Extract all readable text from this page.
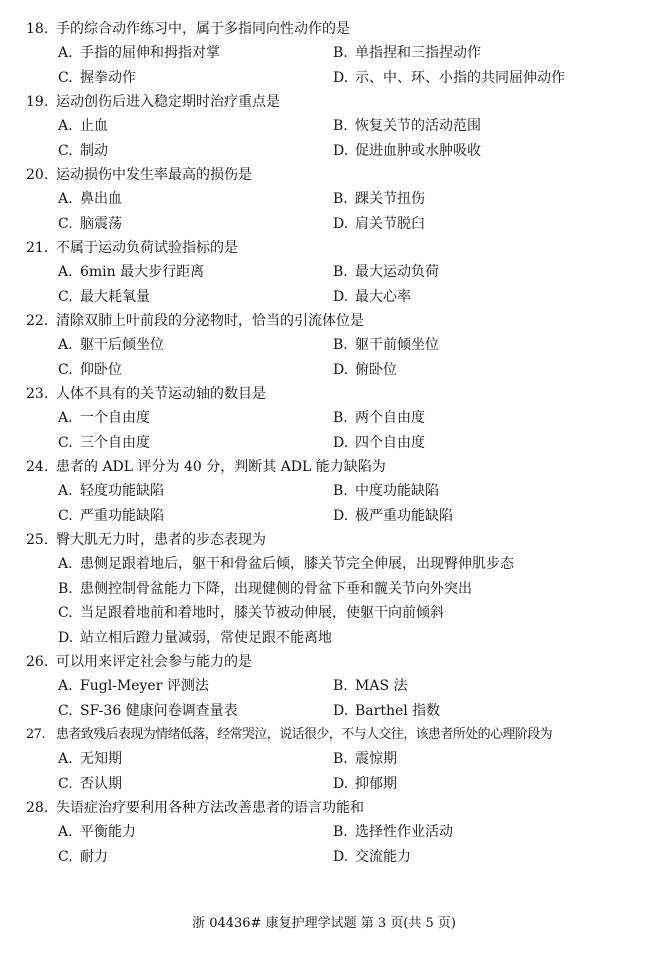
18. 手的综合动作练习中，属于多指同向性动作的是
A. 手指的屈伸和拇指对掌	B. 单指捏和三指捏动作
C. 握拳动作	D. 示、中、环、小指的共同屈伸动作
19. 运动创伤后进入稳定期时治疗重点是
A. 止血	B. 恢复关节的活动范围
C. 制动	D. 促进血肿或水肿吸收
20. 运动损伤中发生率最高的损伤是
A. 鼻出血	B. 踝关节扭伤
C. 脑震荡	D. 肩关节脱臼
21. 不属于运动负荷试验指标的是
A. 6min 最大步行距离	B. 最大运动负荷
C. 最大耗氧量	D. 最大心率
22. 清除双肺上叶前段的分泌物时，恰当的引流体位是
A. 躯干后倾坐位	B. 躯干前倾坐位
C. 仰卧位	D. 俯卧位
23. 人体不具有的关节运动轴的数目是
A. 一个自由度	B. 两个自由度
C. 三个自由度	D. 四个自由度
24. 患者的 ADL 评分为 40 分，判断其 ADL 能力缺陷为
A. 轻度功能缺陷	B. 中度功能缺陷
C. 严重功能缺陷	D. 极严重功能缺陷
25. 臀大肌无力时，患者的步态表现为
A. 患侧足跟着地后，躯干和骨盆后倾，膝关节完全伸展，出现臀伸肌步态
B. 患侧控制骨盆能力下降，出现健侧的骨盆下垂和髋关节向外突出
C. 当足跟着地前和着地时，膝关节被动伸展，使躯干向前倾斜
D. 站立相后蹬力量减弱，常使足跟不能离地
26. 可以用来评定社会参与能力的是
A. Fugl-Meyer 评测法	B. MAS 法
C. SF-36 健康问卷调查量表	D. Barthel 指数
27. 患者致残后表现为情绪低落，经常哭泣，说话很少，不与人交往，该患者所处的心理阶段为
A. 无知期	B. 震惊期
C. 否认期	D. 抑郁期
28. 失语症治疗要利用各种方法改善患者的语言功能和
A. 平衡能力	B. 选择性作业活动
C. 耐力	D. 交流能力
浙 04436# 康复护理学试题 第 3 页(共 5 页)
